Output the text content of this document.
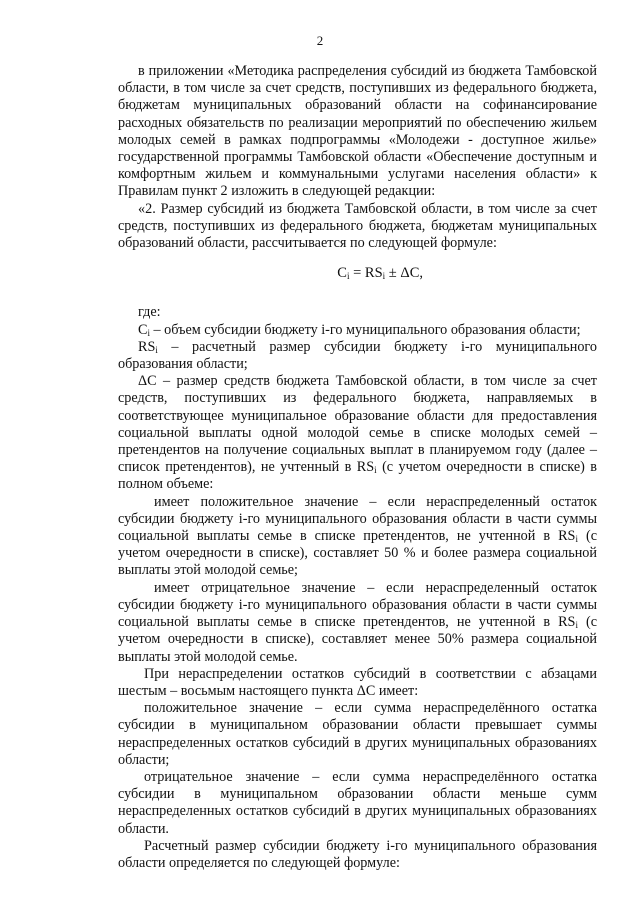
2

в приложении «Методика распределения субсидий из бюджета Тамбовской области, в том числе за счет средств, поступивших из федерального бюджета, бюджетам муниципальных образований области на софинансирование расходных обязательств по реализации мероприятий по обеспечению жильем молодых семей в рамках подпрограммы «Молодежи - доступное жилье» государственной программы Тамбовской области «Обеспечение доступным и комфортным жильем и коммунальными услугами населения области» к Правилам пункт 2 изложить в следующей редакции:

«2. Размер субсидий из бюджета Тамбовской области, в том числе за счет средств, поступивших из федерального бюджета, бюджетам муниципальных образований области, рассчитывается по следующей формуле:

$C_i = RS_i \pm \Delta C$,

где:

$C_i$ – объем субсидии бюджету i-го муниципального образования области;

$RS_i$ – расчетный размер субсидии бюджету i-го муниципального образования области;

ΔC – размер средств бюджета Тамбовской области, в том числе за счет средств, поступивших из федерального бюджета, направляемых в соответствующее муниципальное образование области для предоставления социальной выплаты одной молодой семье в списке молодых семей – претендентов на получение социальных выплат в планируемом году (далее – список претендентов), не учтенный в $RS_i$ (с учетом очередности в списке) в полном объеме:

имеет положительное значение – если нераспределенный остаток субсидии бюджету i-го муниципального образования области в части суммы социальной выплаты семье в списке претендентов, не учтенной в $RS_i$ (с учетом очередности в списке), составляет 50 % и более размера социальной выплаты этой молодой семье;

имеет отрицательное значение – если нераспределенный остаток субсидии бюджету i-го муниципального образования области в части суммы социальной выплаты семье в списке претендентов, не учтенной в $RS_i$ (с учетом очередности в списке), составляет менее 50% размера социальной выплаты этой молодой семье.

При нераспределении остатков субсидий в соответствии с абзацами шестым – восьмым настоящего пункта ΔC имеет:

положительное значение – если сумма нераспределённого остатка субсидии в муниципальном образовании области превышает суммы нераспределенных остатков субсидий в других муниципальных образованиях области;

отрицательное значение – если сумма нераспределённого остатка субсидии в муниципальном образовании области меньше сумм нераспределенных остатков субсидий в других муниципальных образованиях области.

Расчетный размер субсидии бюджету i-го муниципального образования области определяется по следующей формуле:
